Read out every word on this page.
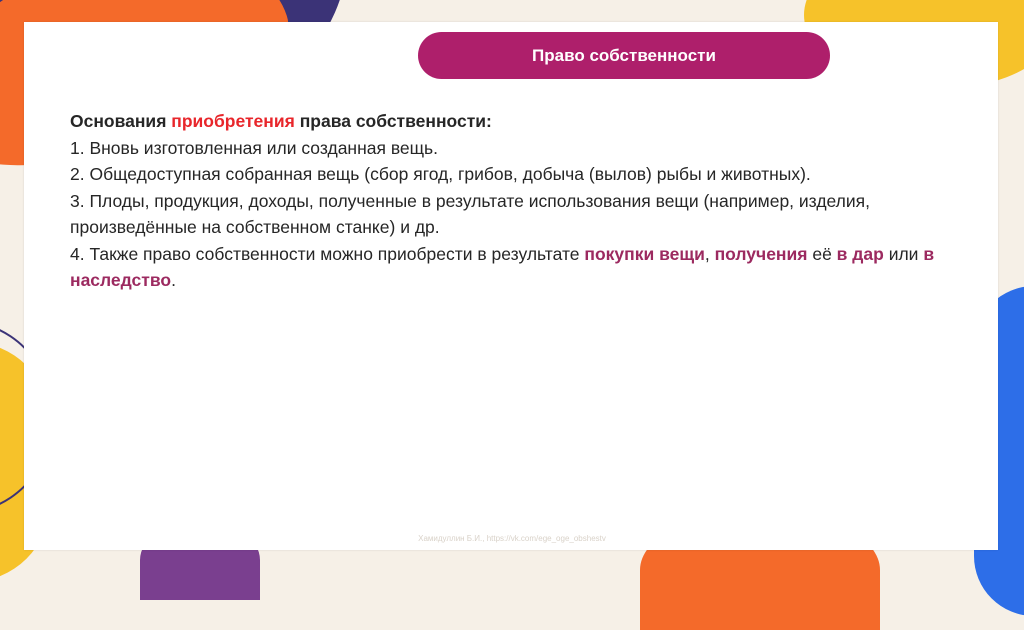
Право собственности

Основания приобретения права собственности:

1. Вновь изготовленная или созданная вещь.

2. Общедоступная собранная вещь (сбор ягод, грибов, добыча (вылов) рыбы и животных).

3. Плоды, продукция, доходы, полученные в результате использования вещи (например, изделия, произведённые на собственном станке) и др.

4. Также право собственности можно приобрести в результате покупки вещи, получения её в дар или в наследство.

Хамидуллин Б.И., https://vk.com/ege_oge_obshestv
